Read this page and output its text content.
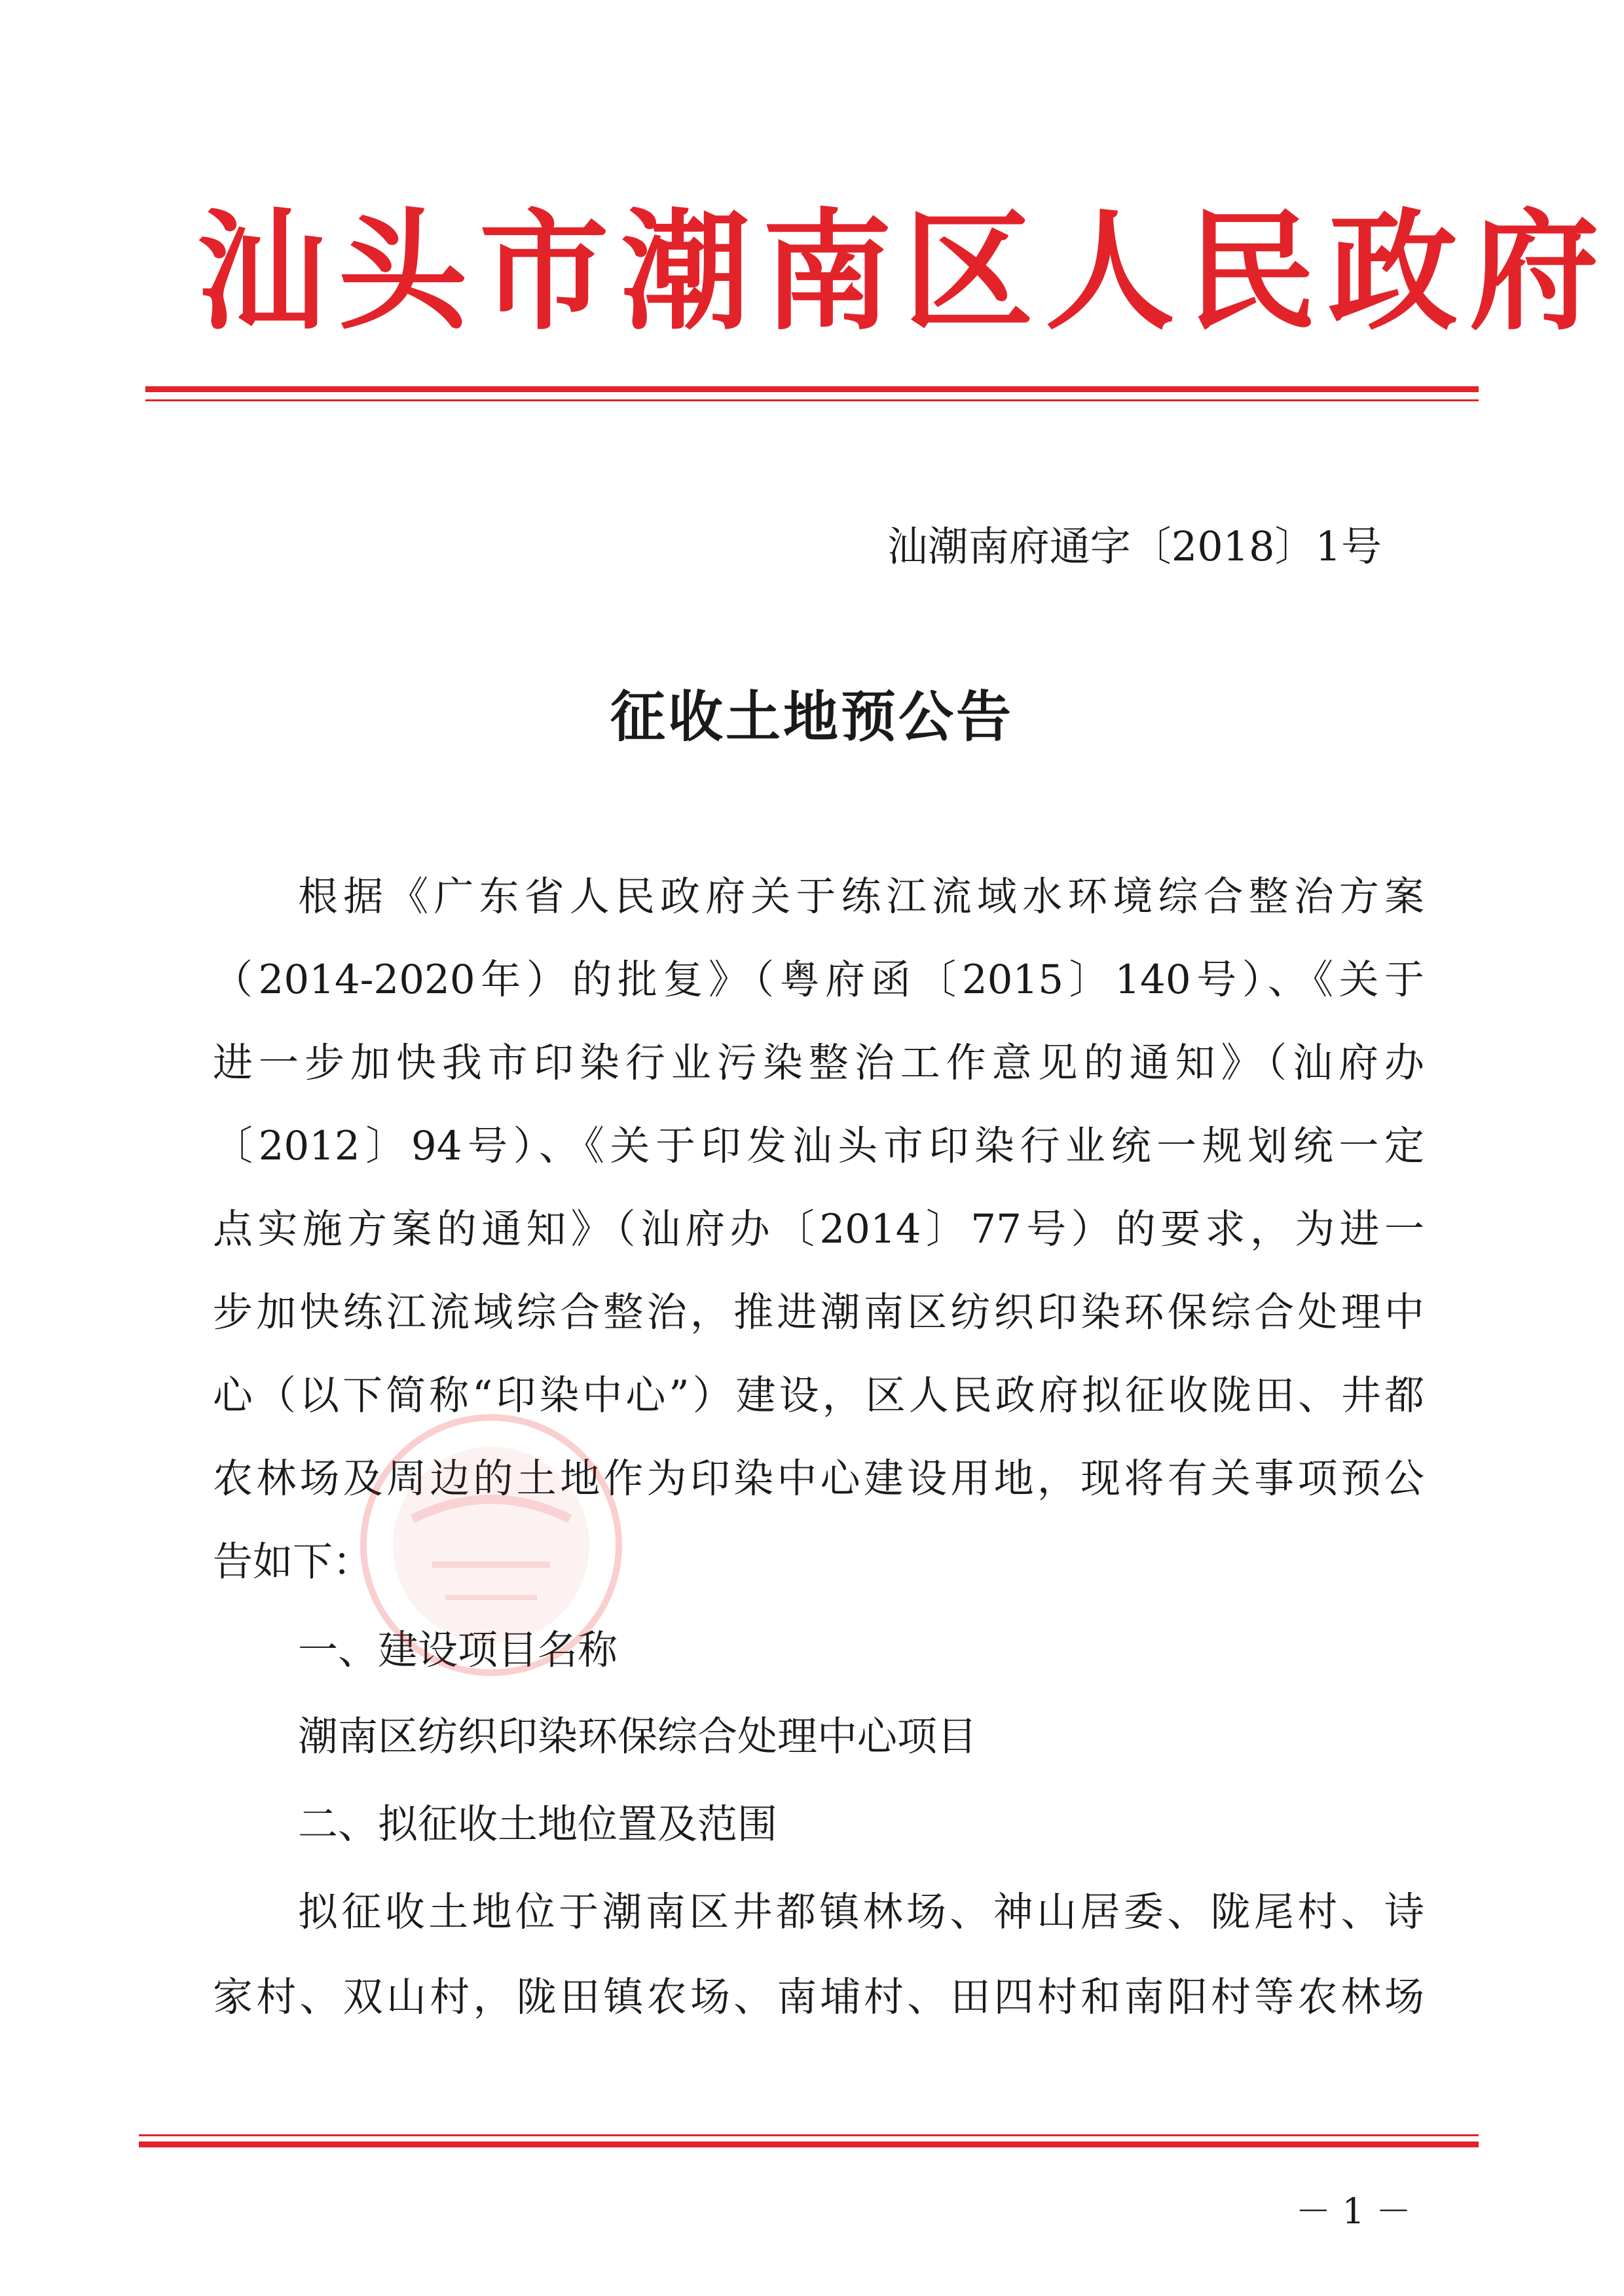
汕头市潮南区人民政府
汕潮南府通字〔2018〕1号
征收土地预公告
根据《广东省人民政府关于练江流域水环境综合整治方案
（2014-2020年）的批复》（粤府函〔2015〕140号）、《关于
进一步加快我市印染行业污染整治工作意见的通知》（汕府办
〔2012〕94号）、《关于印发汕头市印染行业统一规划统一定
点实施方案的通知》（汕府办〔2014〕77号）的要求，为进一
步加快练江流域综合整治，推进潮南区纺织印染环保综合处理中
心（以下简称“印染中心”）建设，区人民政府拟征收陇田、井都
农林场及周边的土地作为印染中心建设用地，现将有关事项预公
告如下：
一、建设项目名称
潮南区纺织印染环保综合处理中心项目
二、拟征收土地位置及范围
拟征收土地位于潮南区井都镇林场、神山居委、陇尾村、诗
家村、双山村，陇田镇农场、南埔村、田四村和南阳村等农林场
－ 1 －
